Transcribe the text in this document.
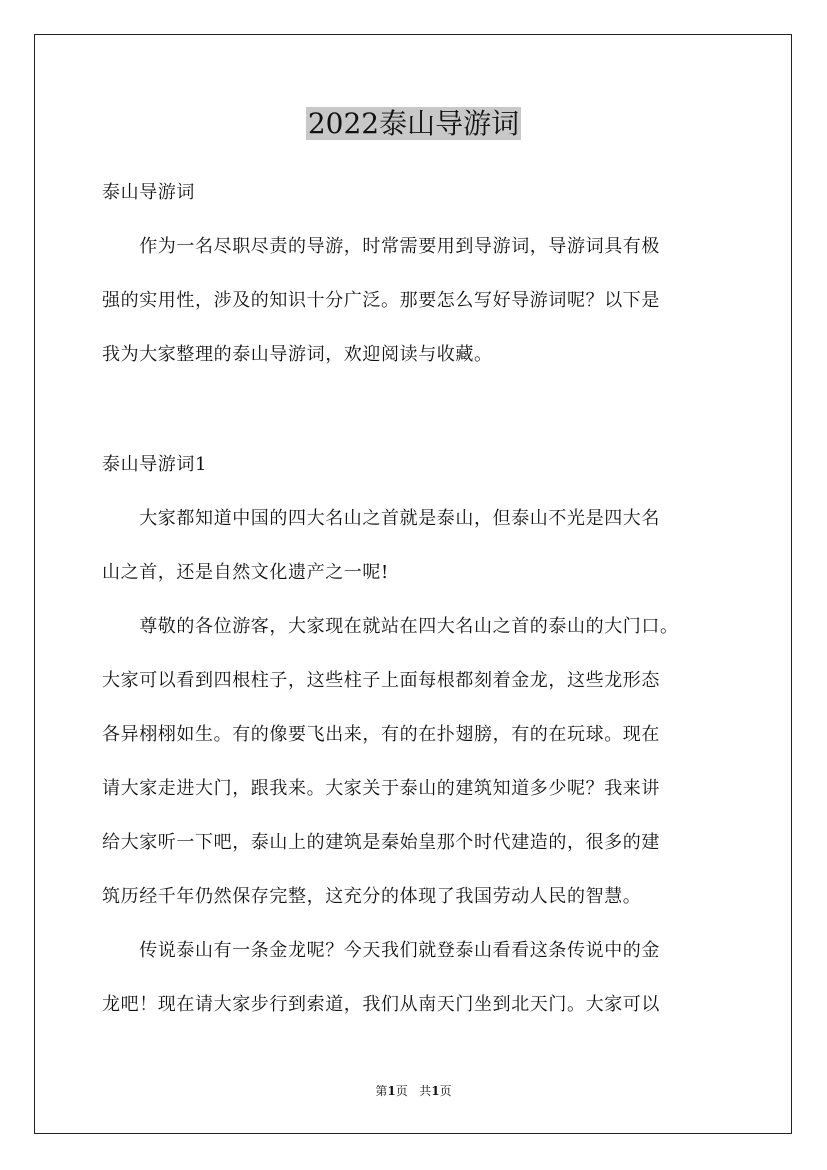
2022泰山导游词

泰山导游词

　　作为一名尽职尽责的导游，时常需要用到导游词，导游词具有极

强的实用性，涉及的知识十分广泛。那要怎么写好导游词呢？以下是

我为大家整理的泰山导游词，欢迎阅读与收藏。

泰山导游词1

　　大家都知道中国的四大名山之首就是泰山，但泰山不光是四大名

山之首，还是自然文化遗产之一呢!

　　尊敬的各位游客，大家现在就站在四大名山之首的泰山的大门口。

大家可以看到四根柱子，这些柱子上面每根都刻着金龙，这些龙形态

各异栩栩如生。有的像要飞出来，有的在扑翅膀，有的在玩球。现在

请大家走进大门，跟我来。大家关于泰山的建筑知道多少呢？我来讲

给大家听一下吧，泰山上的建筑是秦始皇那个时代建造的，很多的建

筑历经千年仍然保存完整，这充分的体现了我国劳动人民的智慧。

　　传说泰山有一条金龙呢？今天我们就登泰山看看这条传说中的金

龙吧！现在请大家步行到索道，我们从南天门坐到北天门。大家可以

第1页 共1页
